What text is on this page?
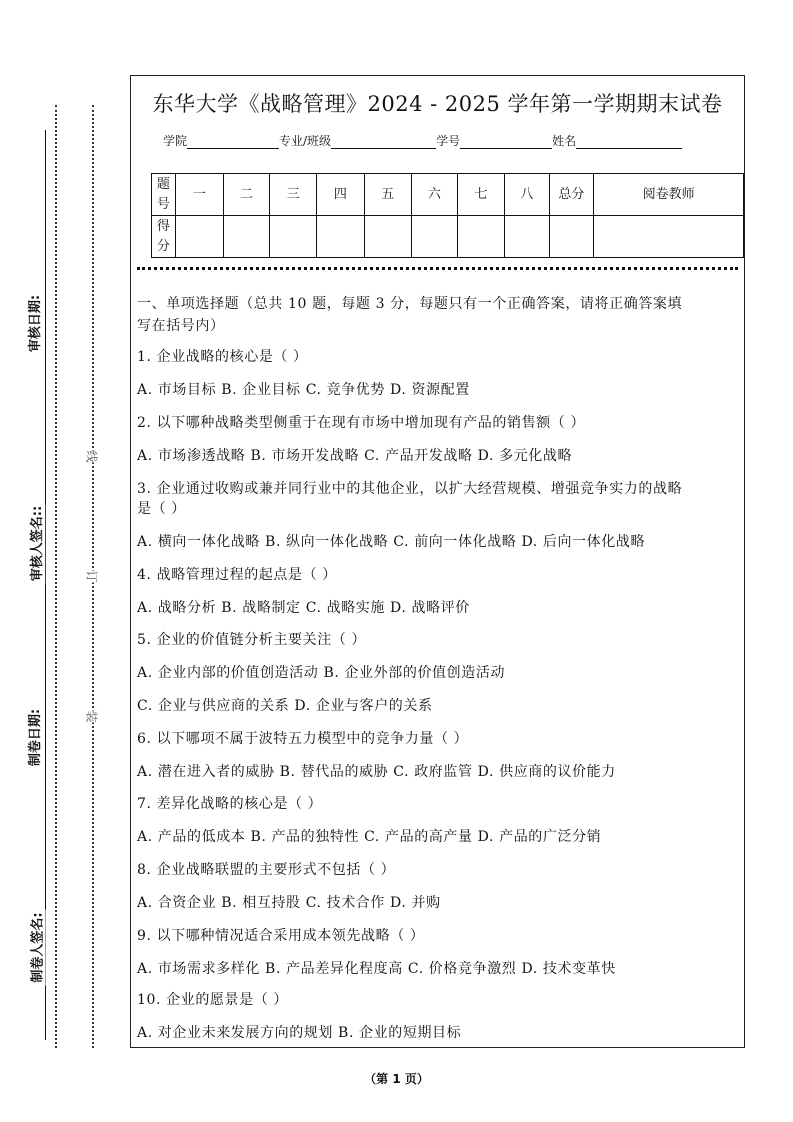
审核日期:
审核人签名::
制卷日期:
制卷人签名:
线
订
装
东华大学《战略管理》2024 - 2025 学年第一学期期末试卷
学院	专业/班级	学号	姓名
题号	一	二	三	四	五	六	七	八	总分	阅卷教师
得分										
一、单项选择题（总共 10 题，每题 3 分，每题只有一个正确答案，请将正确答案填
写在括号内）
1. 企业战略的核心是（ ）
A. 市场目标 B. 企业目标 C. 竞争优势 D. 资源配置
2. 以下哪种战略类型侧重于在现有市场中增加现有产品的销售额（ ）
A. 市场渗透战略 B. 市场开发战略 C. 产品开发战略 D. 多元化战略
3. 企业通过收购或兼并同行业中的其他企业，以扩大经营规模、增强竞争实力的战略
是（ ）
A. 横向一体化战略 B. 纵向一体化战略 C. 前向一体化战略 D. 后向一体化战略
4. 战略管理过程的起点是（ ）
A. 战略分析 B. 战略制定 C. 战略实施 D. 战略评价
5. 企业的价值链分析主要关注（ ）
A. 企业内部的价值创造活动 B. 企业外部的价值创造活动
C. 企业与供应商的关系 D. 企业与客户的关系
6. 以下哪项不属于波特五力模型中的竞争力量（ ）
A. 潜在进入者的威胁 B. 替代品的威胁 C. 政府监管 D. 供应商的议价能力
7. 差异化战略的核心是（ ）
A. 产品的低成本 B. 产品的独特性 C. 产品的高产量 D. 产品的广泛分销
8. 企业战略联盟的主要形式不包括（ ）
A. 合资企业 B. 相互持股 C. 技术合作 D. 并购
9. 以下哪种情况适合采用成本领先战略（ ）
A. 市场需求多样化 B. 产品差异化程度高 C. 价格竞争激烈 D. 技术变革快
10. 企业的愿景是（ ）
A. 对企业未来发展方向的规划 B. 企业的短期目标
（第 1 页）
